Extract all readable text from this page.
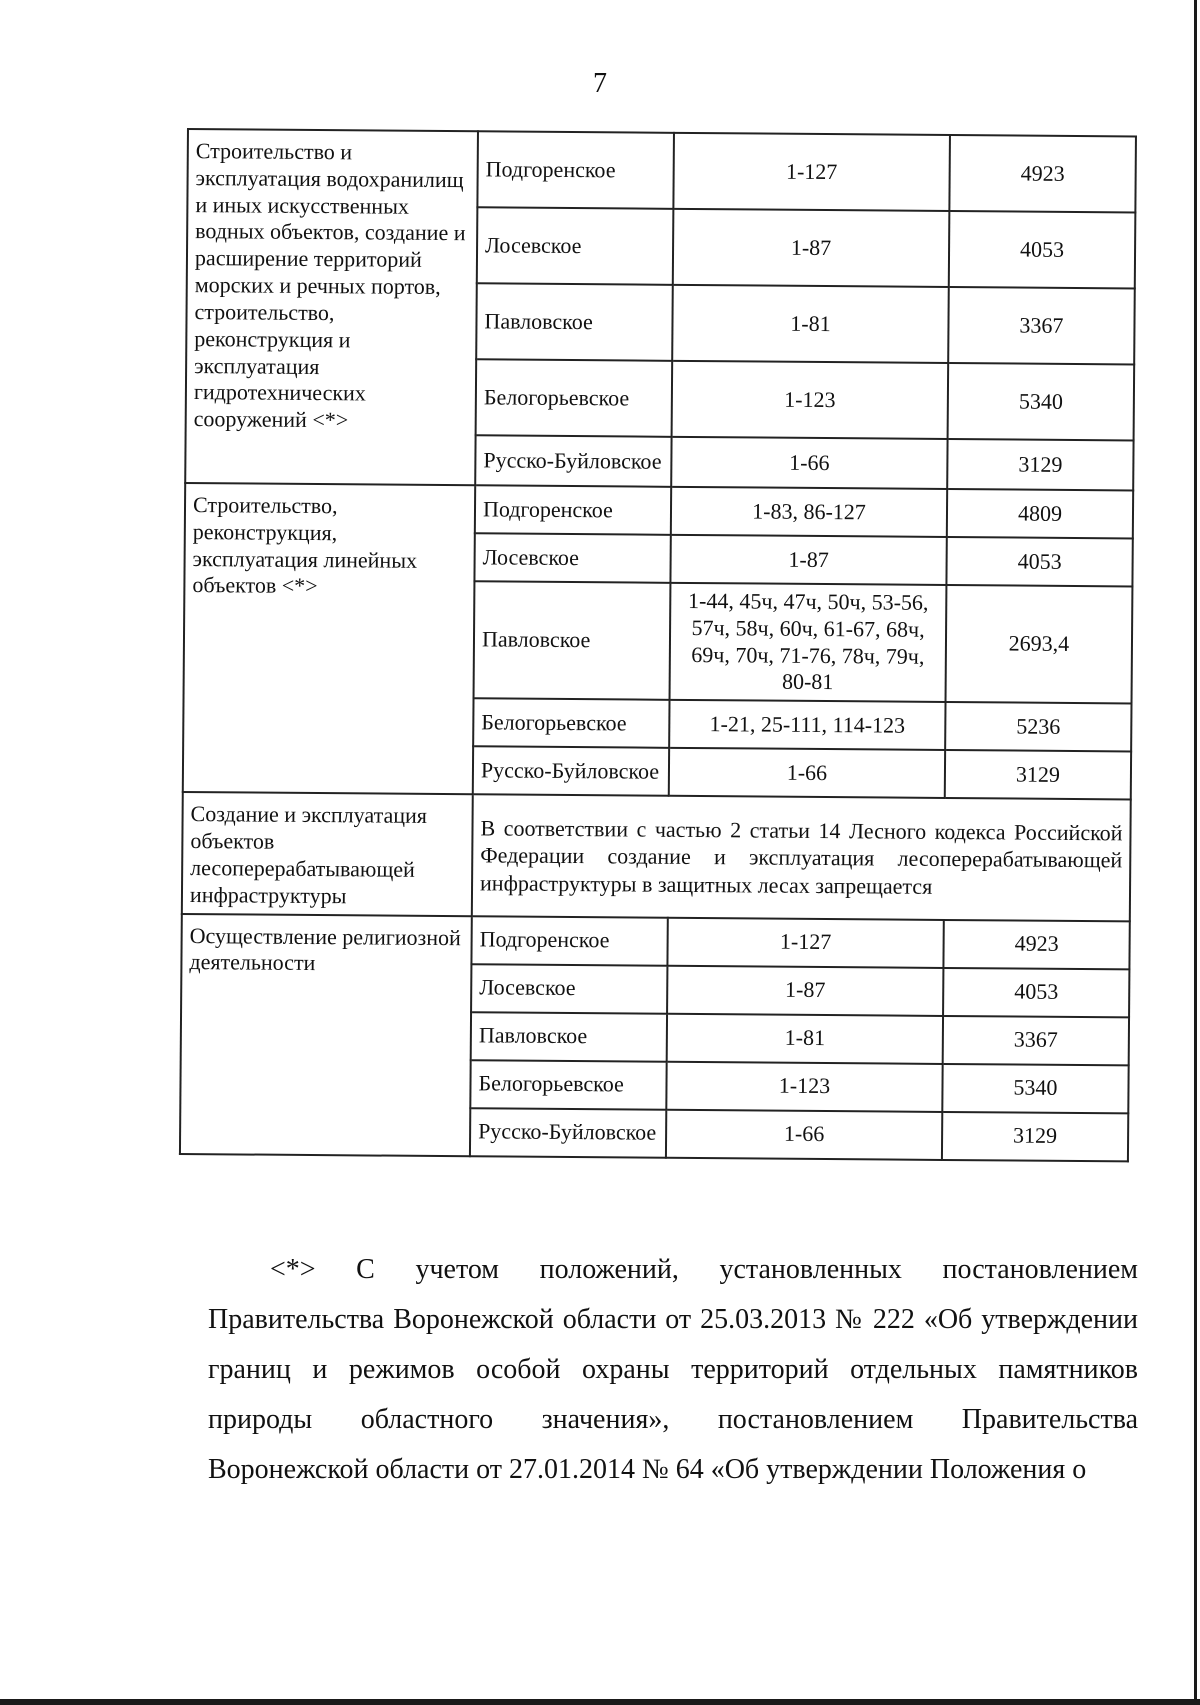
7
Строительство и эксплуатация водохранилищ и иных искусственных водных объектов, создание и расширение территорий морских и речных портов, строительство, реконструкция и эксплуатация гидротехнических сооружений <*>	Подгоренское	1-127	4923
	Лосевское	1-87	4053
	Павловское	1-81	3367
	Белогорьевское	1-123	5340
	Русско-Буйловское	1-66	3129
Строительство, реконструкция, эксплуатация линейных объектов <*>	Подгоренское	1-83, 86-127	4809
	Лосевское	1-87	4053
	Павловское	1-44, 45ч, 47ч, 50ч, 53-56, 57ч, 58ч, 60ч, 61-67, 68ч, 69ч, 70ч, 71-76, 78ч, 79ч, 80-81	2693,4
	Белогорьевское	1-21, 25-111, 114-123	5236
	Русско-Буйловское	1-66	3129
Создание и эксплуатация объектов лесоперерабатывающей инфраструктуры	В соответствии с частью 2 статьи 14 Лесного кодекса Российской Федерации создание и эксплуатация лесоперерабатывающей инфраструктуры в защитных лесах запрещается		
Осуществление религиозной деятельности	Подгоренское	1-127	4923
	Лосевское	1-87	4053
	Павловское	1-81	3367
	Белогорьевское	1-123	5340
	Русско-Буйловское	1-66	3129

<*> С учетом положений, установленных постановлением Правительства Воронежской области от 25.03.2013 № 222 «Об утверждении границ и режимов особой охраны территорий отдельных памятников природы областного значения», постановлением Правительства Воронежской области от 27.01.2014 № 64 «Об утверждении Положения о
